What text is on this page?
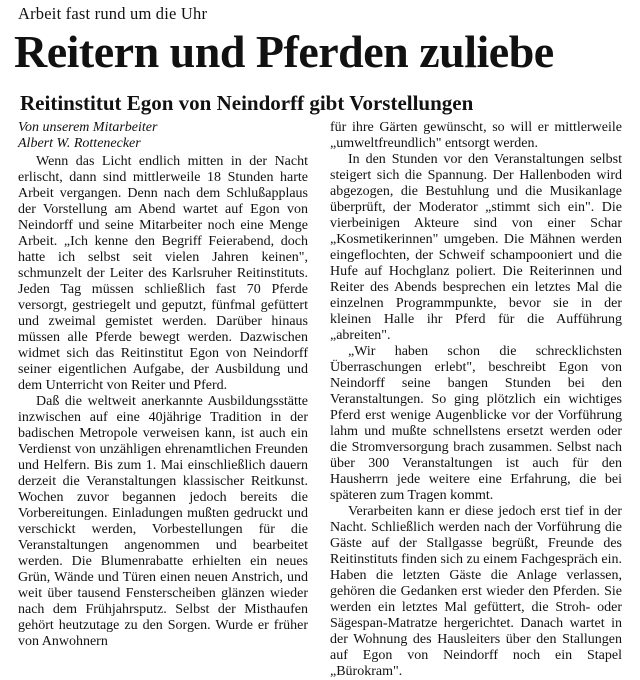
Arbeit fast rund um die Uhr
Reitern und Pferden zuliebe
Reitinstitut Egon von Neindorff gibt Vorstellungen

Von unserem Mitarbeiter

Albert W. Rottenecker

Wenn das Licht endlich mitten in der Nacht erlischt, dann sind mittlerweile 18 Stunden harte Arbeit vergangen. Denn nach dem Schlußapplaus der Vorstellung am Abend wartet auf Egon von Neindorff und seine Mitarbeiter noch eine Menge Arbeit. „Ich kenne den Begriff Feierabend, doch hatte ich selbst seit vielen Jahren keinen", schmunzelt der Leiter des Karlsruher Reitinstituts. Jeden Tag müssen schließlich fast 70 Pferde versorgt, gestriegelt und geputzt, fünfmal gefüttert und zweimal gemistet werden. Darüber hinaus müssen alle Pferde bewegt werden. Dazwischen widmet sich das Reitinstitut Egon von Neindorff seiner eigentlichen Aufgabe, der Ausbildung und dem Unterricht von Reiter und Pferd.

Daß die weltweit anerkannte Ausbildungsstätte inzwischen auf eine 40jährige Tradition in der badischen Metropole verweisen kann, ist auch ein Verdienst von unzähligen ehrenamtlichen Freunden und Helfern. Bis zum 1. Mai einschließlich dauern derzeit die Veranstaltungen klassischer Reitkunst. Wochen zuvor begannen jedoch bereits die Vorbereitungen. Einladungen mußten gedruckt und verschickt werden, Vorbestellungen für die Veranstaltungen angenommen und bearbeitet werden. Die Blumenrabatte erhielten ein neues Grün, Wände und Türen einen neuen Anstrich, und weit über tausend Fensterscheiben glänzen wieder nach dem Frühjahrsputz. Selbst der Misthaufen gehört heutzutage zu den Sorgen. Wurde er früher von Anwohnern

für ihre Gärten gewünscht, so will er mittlerweile „umweltfreundlich" entsorgt werden.

In den Stunden vor den Veranstaltungen selbst steigert sich die Spannung. Der Hallenboden wird abgezogen, die Bestuhlung und die Musikanlage überprüft, der Moderator „stimmt sich ein". Die vierbeinigen Akteure sind von einer Schar „Kosmetikerinnen" umgeben. Die Mähnen werden eingeflochten, der Schweif schampooniert und die Hufe auf Hochglanz poliert. Die Reiterinnen und Reiter des Abends besprechen ein letztes Mal die einzelnen Programmpunkte, bevor sie in der kleinen Halle ihr Pferd für die Aufführung „abreiten".

„Wir haben schon die schrecklichsten Überraschungen erlebt", beschreibt Egon von Neindorff seine bangen Stunden bei den Veranstaltungen. So ging plötzlich ein wichtiges Pferd erst wenige Augenblicke vor der Vorführung lahm und mußte schnellstens ersetzt werden oder die Stromversorgung brach zusammen. Selbst nach über 300 Veranstaltungen ist auch für den Hausherrn jede weitere eine Erfahrung, die bei späteren zum Tragen kommt.

Verarbeiten kann er diese jedoch erst tief in der Nacht. Schließlich werden nach der Vorführung die Gäste auf der Stallgasse begrüßt, Freunde des Reitinstituts finden sich zu einem Fachgespräch ein. Haben die letzten Gäste die Anlage verlassen, gehören die Gedanken erst wieder den Pferden. Sie werden ein letztes Mal gefüttert, die Stroh- oder Sägespan-Matratze hergerichtet. Danach wartet in der Wohnung des Hausleiters über den Stallungen auf Egon von Neindorff noch ein Stapel „Bürokram".
